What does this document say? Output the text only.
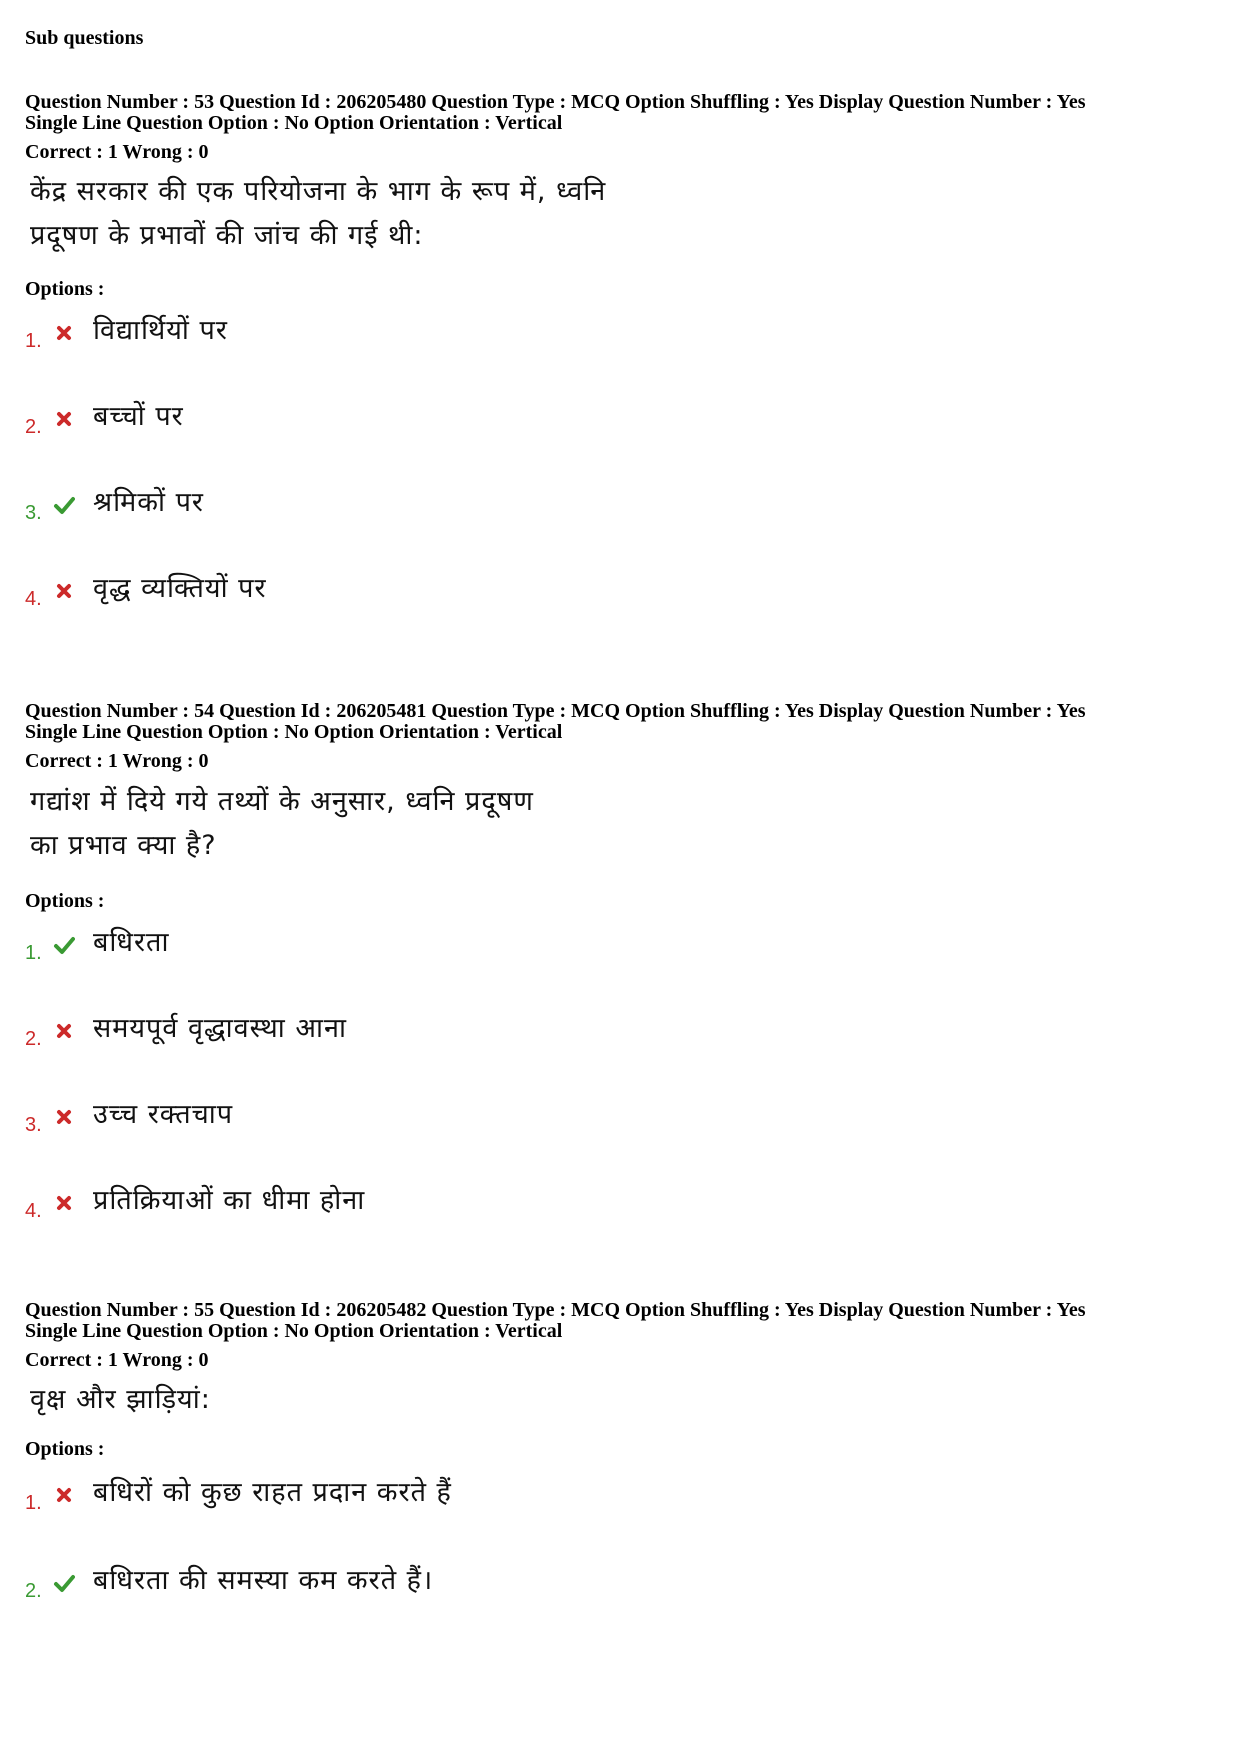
Sub questions
Question Number : 53 Question Id : 206205480 Question Type : MCQ Option Shuffling : Yes Display Question Number : Yes
Single Line Question Option : No Option Orientation : Vertical
Correct : 1 Wrong : 0
केंद्र सरकार की एक परियोजना के भाग के रूप में, ध्वनि
प्रदूषण के प्रभावों की जांच की गई थी:
Options :
1. विद्यार्थियों पर
2. बच्चों पर
3. श्रमिकों पर
4. वृद्ध व्यक्तियों पर
Question Number : 54 Question Id : 206205481 Question Type : MCQ Option Shuffling : Yes Display Question Number : Yes
Single Line Question Option : No Option Orientation : Vertical
Correct : 1 Wrong : 0
गद्यांश में दिये गये तथ्यों के अनुसार, ध्वनि प्रदूषण
का प्रभाव क्या है?
Options :
1. बधिरता
2. समयपूर्व वृद्धावस्था आना
3. उच्च रक्तचाप
4. प्रतिक्रियाओं का धीमा होना
Question Number : 55 Question Id : 206205482 Question Type : MCQ Option Shuffling : Yes Display Question Number : Yes
Single Line Question Option : No Option Orientation : Vertical
Correct : 1 Wrong : 0
वृक्ष और झाड़ियां:
Options :
1. बधिरों को कुछ राहत प्रदान करते हैं
2. बधिरता की समस्या कम करते हैं।
